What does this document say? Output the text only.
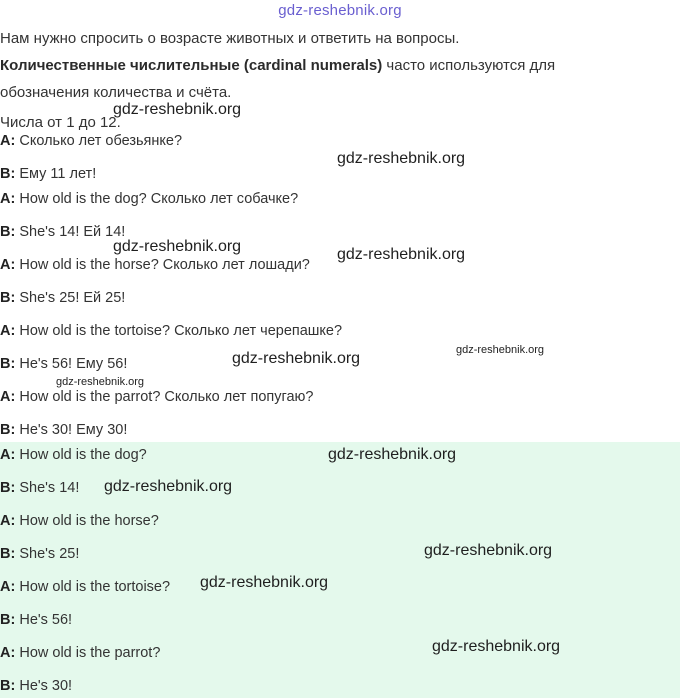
gdz-reshebnik.org
Нам нужно спросить о возрасте животных и ответить на вопросы.
Количественные числительные (cardinal numerals) часто используются для
обозначения количества и счёта.
Числа от 1 до 12.
A: Сколько лет обезьянке?
B: Ему 11 лет!
A: How old is the dog? Сколько лет собачке?
B: She's 14! Ей 14!
A: How old is the horse? Сколько лет лошади?
B: She's 25! Ей 25!
A: How old is the tortoise? Сколько лет черепашке?
B: He's 56! Ему 56!
A: How old is the parrot? Сколько лет попугаю?
B: He's 30! Ему 30!
A: How old is the dog?
B: She's 14!
A: How old is the horse?
B: She's 25!
A: How old is the tortoise?
B: He's 56!
A: How old is the parrot?
B: He's 30!
gdz-reshebnik.org
gdz-reshebnik.org
gdz-reshebnik.org	gdz-reshebnik.org
gdz-reshebnik.org	gdz-reshebnik.org
gdz-reshebnik.org
gdz-reshebnik.org
gdz-reshebnik.org
gdz-reshebnik.org
gdz-reshebnik.org
gdz-reshebnik.org
